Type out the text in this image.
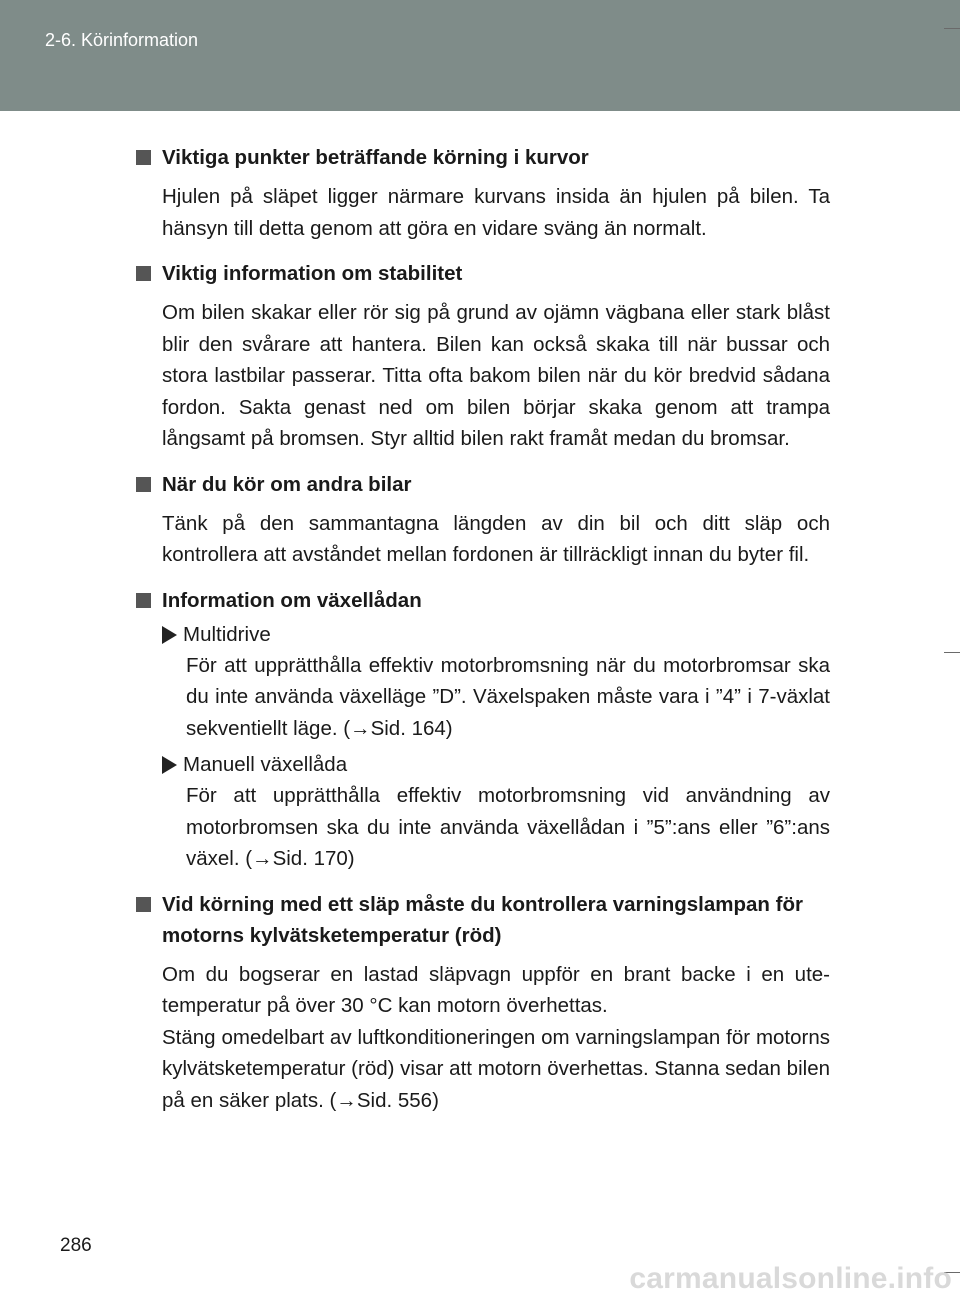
2-6. Körinformation
Viktiga punkter beträffande körning i kurvor

Hjulen på släpet ligger närmare kurvans insida än hjulen på bilen. Ta hänsyn till detta genom att göra en vidare sväng än normalt.

Viktig information om stabilitet

Om bilen skakar eller rör sig på grund av ojämn vägbana eller stark blåst blir den svårare att hantera. Bilen kan också skaka till när bussar och stora lastbilar passerar. Titta ofta bakom bilen när du kör bredvid sådana fordon. Sakta genast ned om bilen börjar skaka genom att trampa långsamt på bromsen. Styr alltid bilen rakt framåt medan du bromsar.

När du kör om andra bilar

Tänk på den sammantagna längden av din bil och ditt släp och kontrollera att avståndet mellan fordonen är tillräckligt innan du byter fil.

Information om växellådan
Multidrive
För att upprätthålla effektiv motorbromsning när du motorbromsar ska du inte använda växelläge ”D”. Växelspaken måste vara i ”4” i 7-växlat sekventiellt läge. (→Sid. 164)
Manuell växellåda
För att upprätthålla effektiv motorbromsning vid användning av motorbromsen ska du inte använda växellådan i ”5”:ans eller ”6”:ans växel. (→Sid. 170)
Vid körning med ett släp måste du kontrollera varningslampan för motorns kylvätsketemperatur (röd)

Om du bogserar en lastad släpvagn uppför en brant backe i en ute-temperatur på över 30 °C kan motorn överhettas.

Stäng omedelbart av luftkonditioneringen om varningslampan för motorns kylvätsketemperatur (röd) visar att motorn överhettas. Stanna sedan bilen på en säker plats. (→Sid. 556)

286
carmanualsonline.info
